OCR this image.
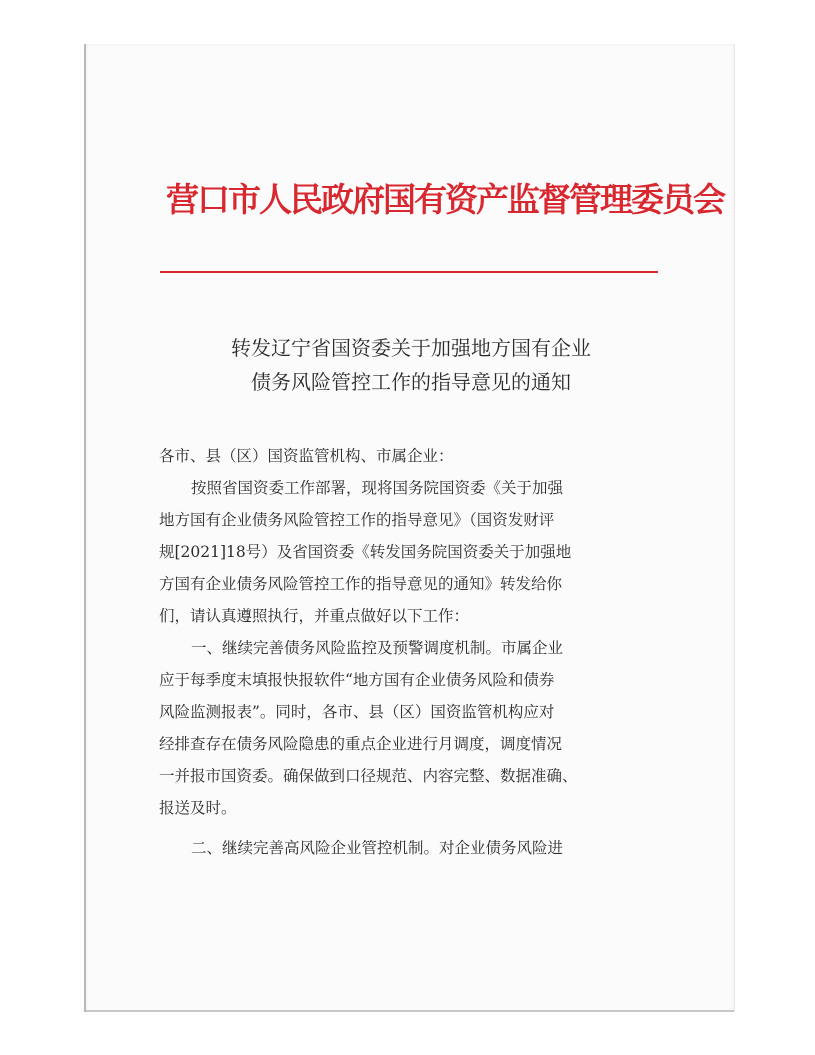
营口市人民政府国有资产监督管理委员会
转发辽宁省国资委关于加强地方国有企业
债务风险管控工作的指导意见的通知
各市、县（区）国资监管机构、市属企业：
按照省国资委工作部署，现将国务院国资委《关于加强
地方国有企业债务风险管控工作的指导意见》（国资发财评
规[2021]18号）及省国资委《转发国务院国资委关于加强地
方国有企业债务风险管控工作的指导意见的通知》转发给你
们，请认真遵照执行，并重点做好以下工作：
一、继续完善债务风险监控及预警调度机制。市属企业
应于每季度末填报快报软件“地方国有企业债务风险和债券
风险监测报表”。同时，各市、县（区）国资监管机构应对
经排查存在债务风险隐患的重点企业进行月调度，调度情况
一并报市国资委。确保做到口径规范、内容完整、数据准确、
报送及时。
二、继续完善高风险企业管控机制。对企业债务风险进
